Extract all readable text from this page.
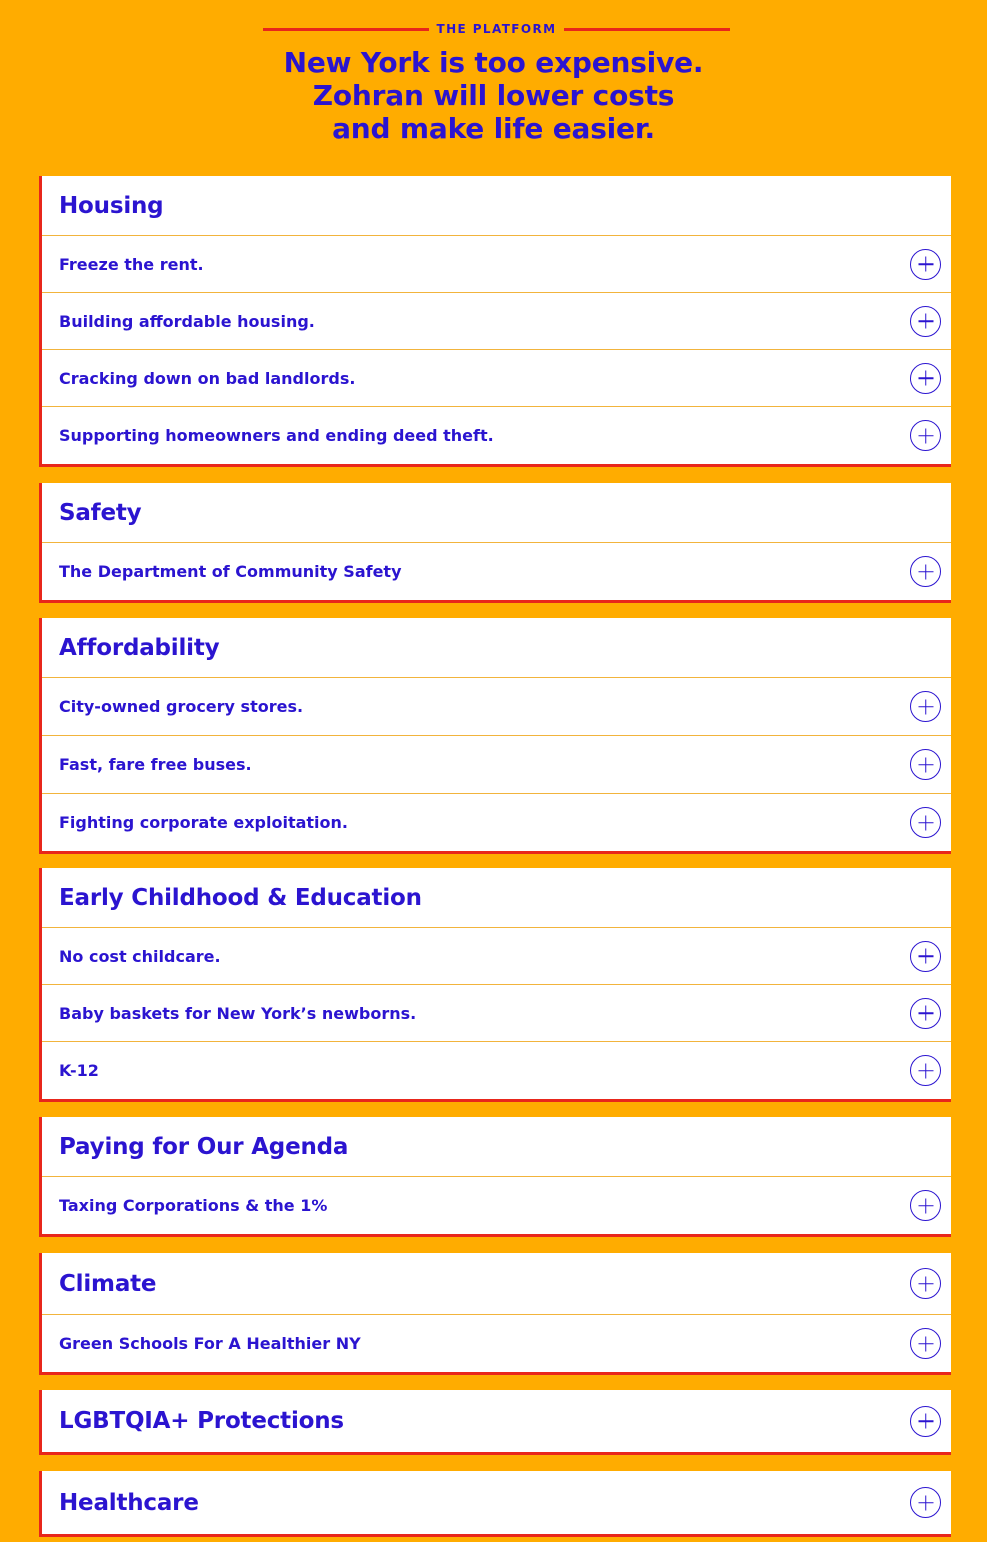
THE PLATFORM
New York is too expensive.
Zohran will lower costs
and make life easier.
Housing
Freeze the rent.
Building affordable housing.
Cracking down on bad landlords.
Supporting homeowners and ending deed theft.
Safety
The Department of Community Safety
Affordability
City-owned grocery stores.
Fast, fare free buses.
Fighting corporate exploitation.
Early Childhood & Education
No cost childcare.
Baby baskets for New York’s newborns.
K-12
Paying for Our Agenda
Taxing Corporations & the 1%
Climate
Green Schools For A Healthier NY
LGBTQIA+ Protections
Healthcare
